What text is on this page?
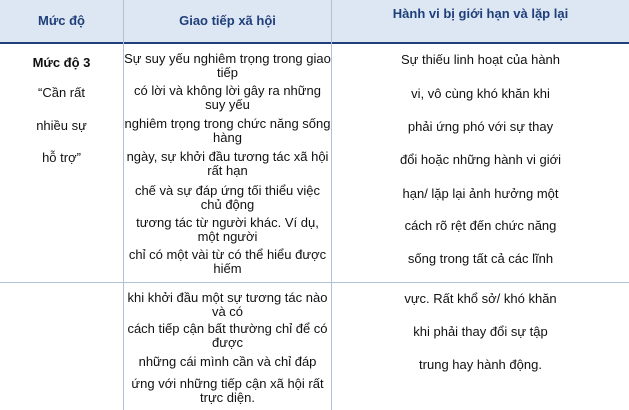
Mức độ	Giao tiếp xã hội	Hành vi bị giới hạn và lặp lại
Mức độ 3
“Cần rất
nhiều sự
hỗ trợ”
Sự suy yếu nghiêm trọng trong giao tiếp
có lời và không lời gây ra những suy yếu
nghiêm trọng trong chức năng sống hàng
ngày, sự khởi đầu tương tác xã hội rất hạn
chế và sự đáp ứng tối thiểu việc chủ động
tương tác từ người khác. Ví dụ, một người
chỉ có một vài từ có thể hiểu được hiếm
Sự thiếu linh hoạt của hành
vi, vô cùng khó khăn khi
phải ứng phó với sự thay
đổi hoặc những hành vi giới
hạn/ lặp lại ảnh hưởng một
cách rõ rệt đến chức năng
sống trong tất cả các lĩnh
khi khởi đầu một sự tương tác nào và có
cách tiếp cận bất thường chỉ để có được
những cái mình cần và chỉ đáp
ứng với những tiếp cận xã hội rất trực diện.
vực. Rất khổ sở/ khó khăn
khi phải thay đổi sự tập
trung hay hành động.
